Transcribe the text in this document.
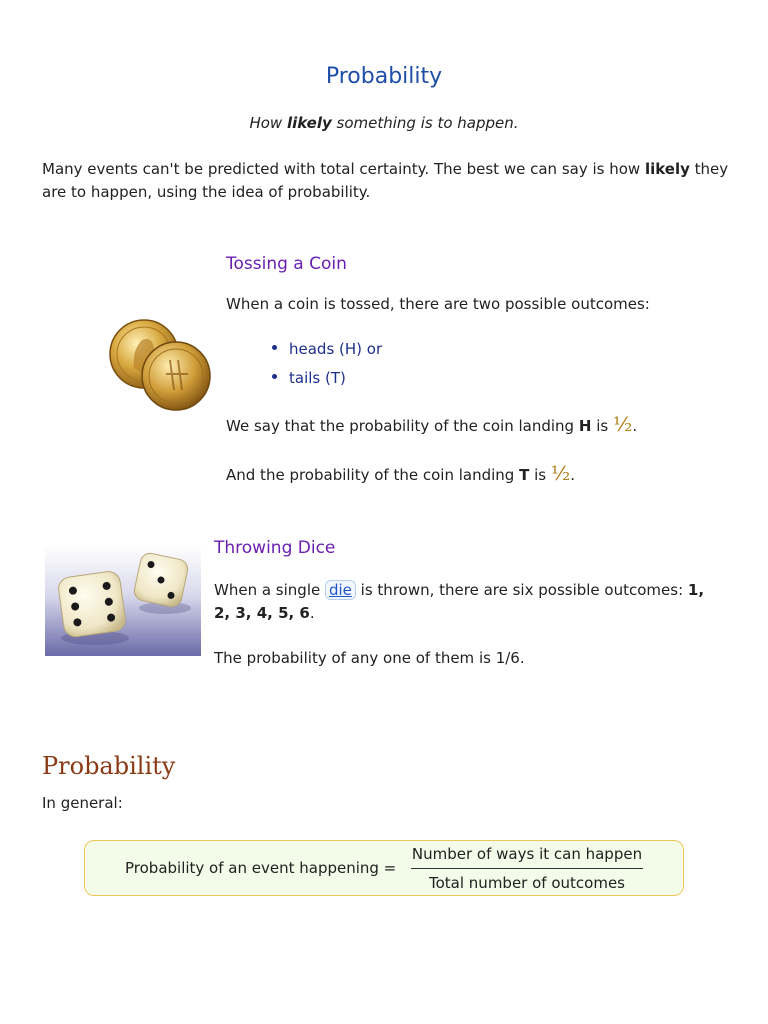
Probability
How likely something is to happen.
Many events can't be predicted with total certainty. The best we can say is how likely they are to happen, using the idea of probability.
Tossing a Coin
When a coin is tossed, there are two possible outcomes:
heads (H) or
tails (T)
We say that the probability of the coin landing H is ½.
And the probability of the coin landing T is ½.
Throwing Dice
When a single die is thrown, there are six possible outcomes: 1,
2, 3, 4, 5, 6.
The probability of any one of them is 1/6.
Probability
In general:
Probability of an event happening =
Number of ways it can happen
Total number of outcomes
